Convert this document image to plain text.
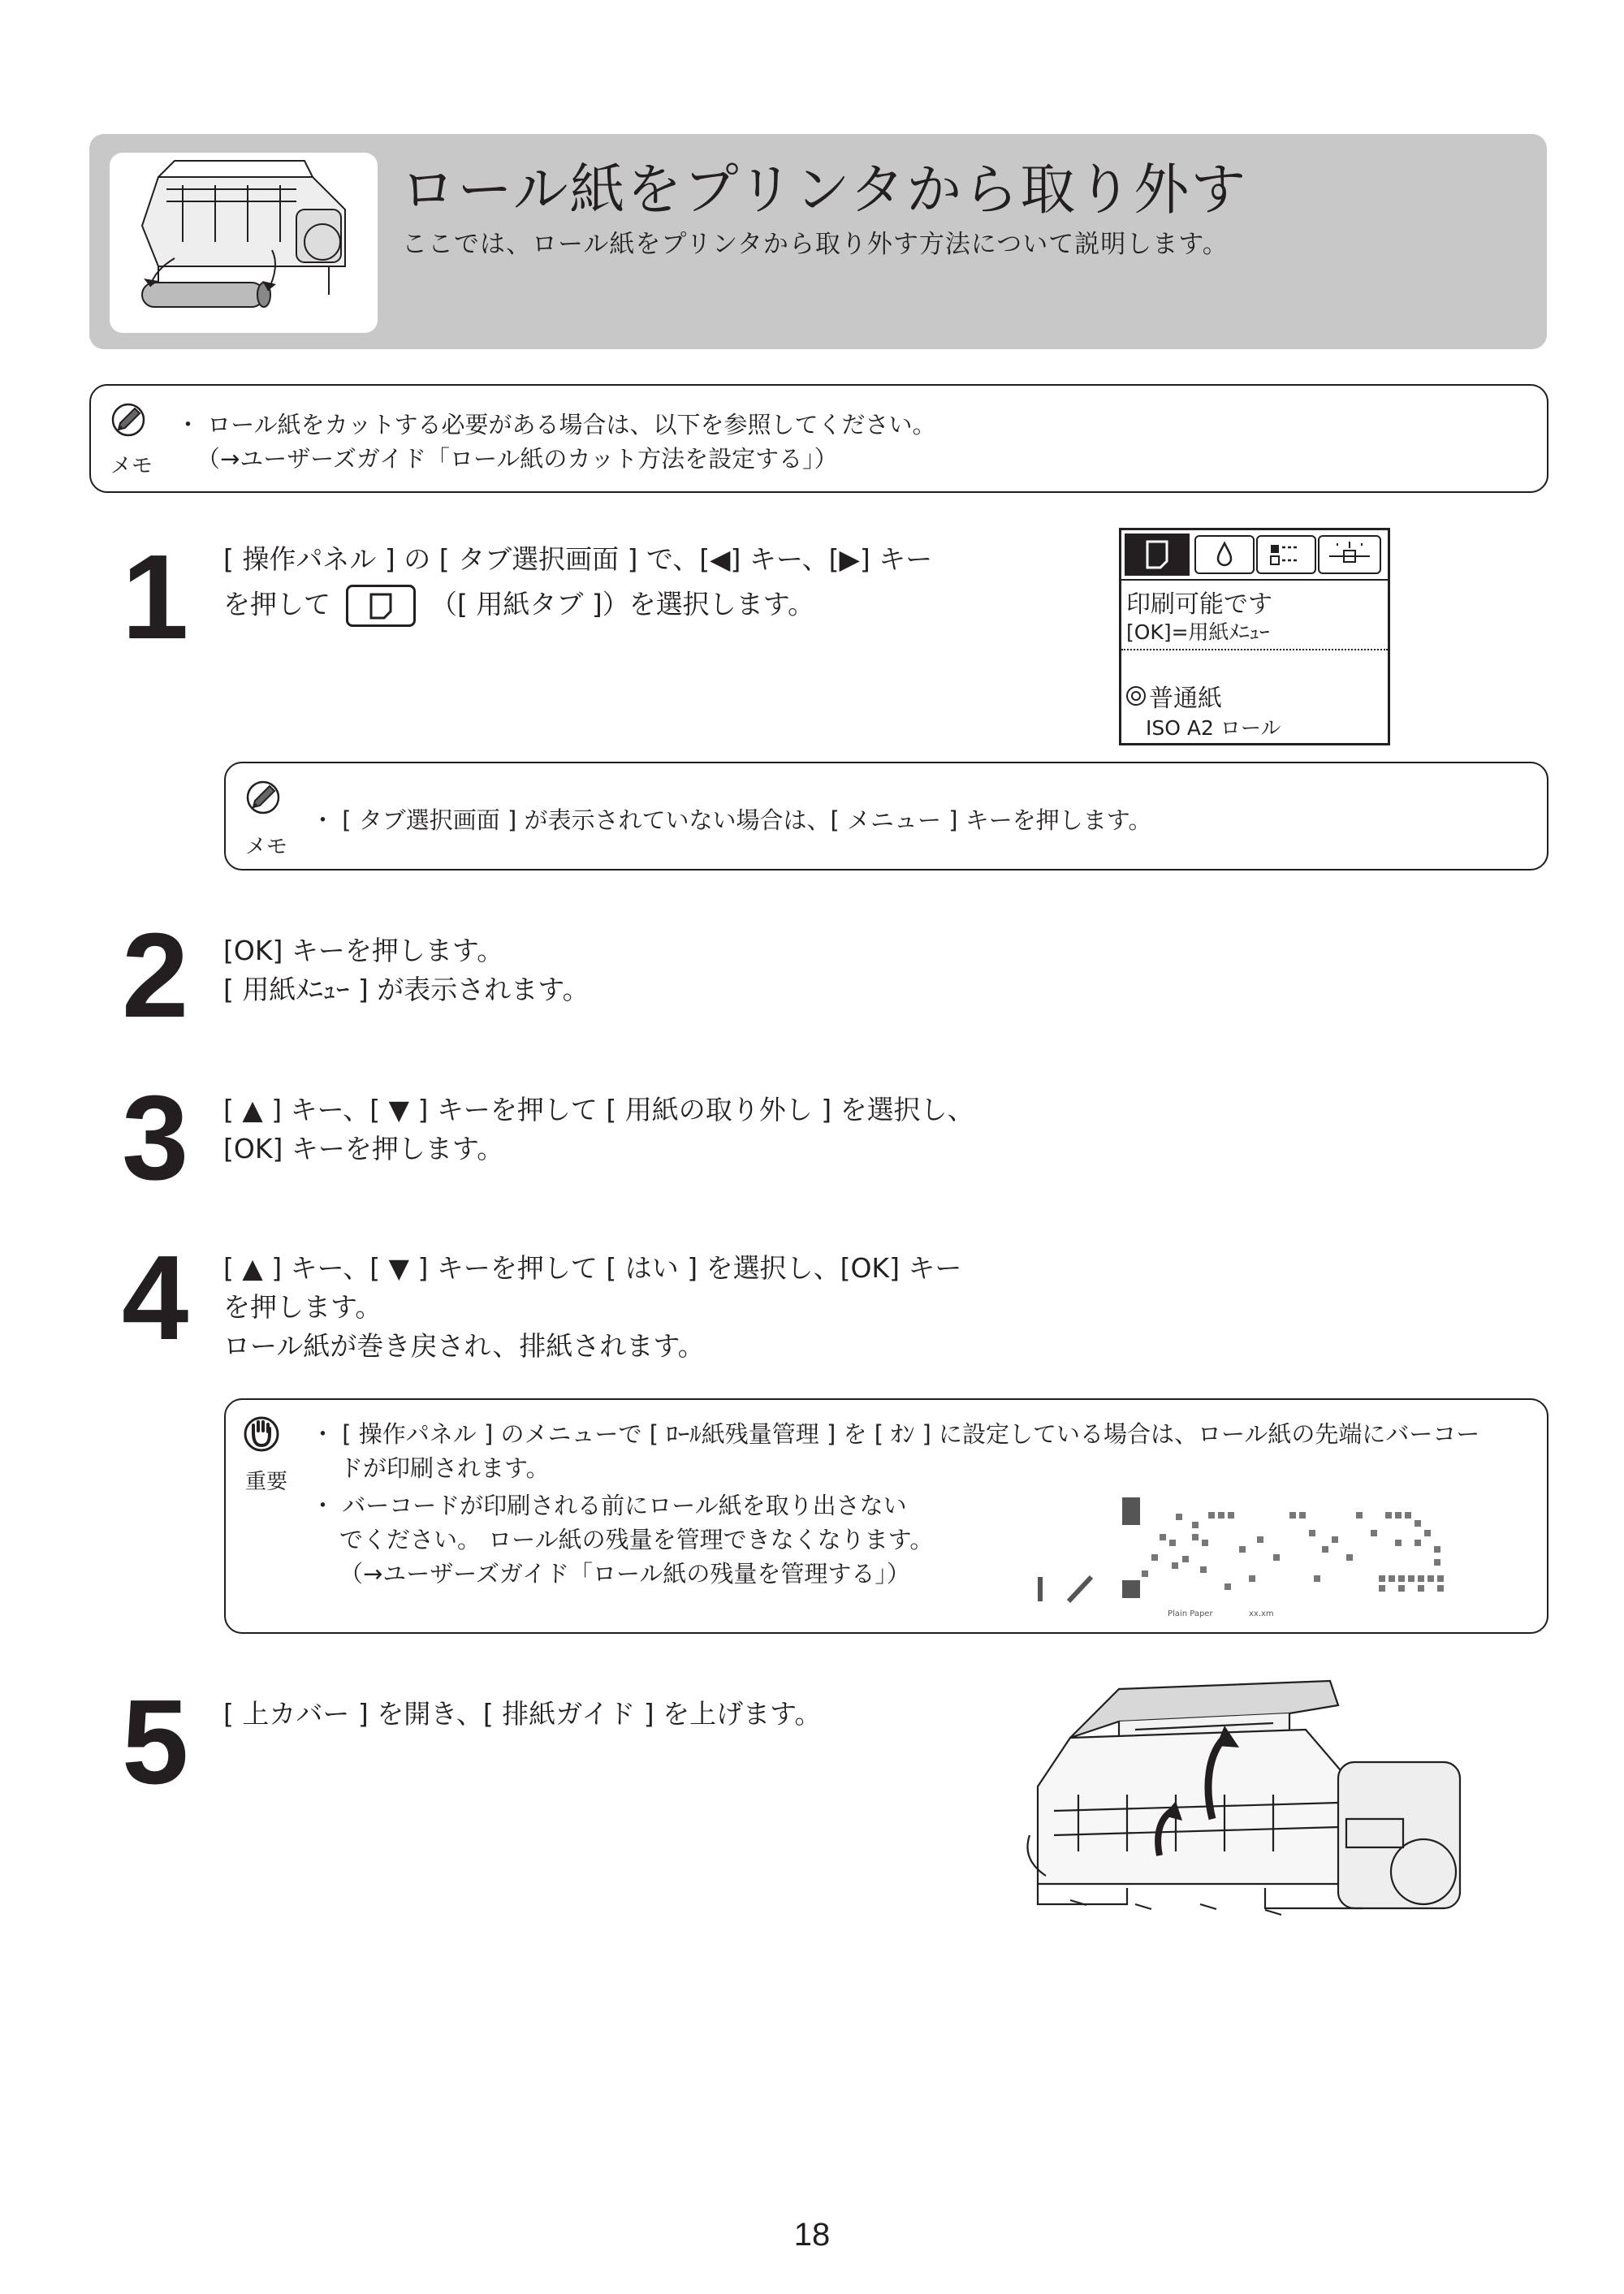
ロール紙をプリンタから取り外す
ここでは、ロール紙をプリンタから取り外す方法について説明します。
メモ
・ ロール紙をカットする必要がある場合は、以下を参照してください。
（→ユーザーズガイド「ロール紙のカット方法を設定する」）
1 [ 操作パネル ] の [ タブ選択画面 ] で、[◀] キー、[▶] キー
を押して	（[ 用紙タブ ]）を選択します。	印刷可能です
[OK]=用紙ﾒﾆｭｰ
普通紙
ISO A2 ロール
メモ
・ [ タブ選択画面 ] が表示されていない場合は、[ メニュー ] キーを押します。
2 [OK] キーを押します。
[ 用紙ﾒﾆｭｰ ] が表示されます。
3 [ ▲ ] キー、[ ▼ ] キーを押して [ 用紙の取り外し ] を選択し、
[OK] キーを押します。
4 [ ▲ ] キー、[ ▼ ] キーを押して [ はい ] を選択し、[OK] キー
を押します。
ロール紙が巻き戻され、排紙されます。
重要
・ [ 操作パネル ] のメニューで [ ﾛｰﾙ紙残量管理 ] を [ ｵﾝ ] に設定している場合は、ロール紙の先端にバーコー
ドが印刷されます。
・ バーコードが印刷される前にロール紙を取り出さない
でください。 ロール紙の残量を管理できなくなります。
（→ユーザーズガイド「ロール紙の残量を管理する」）
Plain Paper	xx.xm
5 [ 上カバー ] を開き、[ 排紙ガイド ] を上げます。
18
